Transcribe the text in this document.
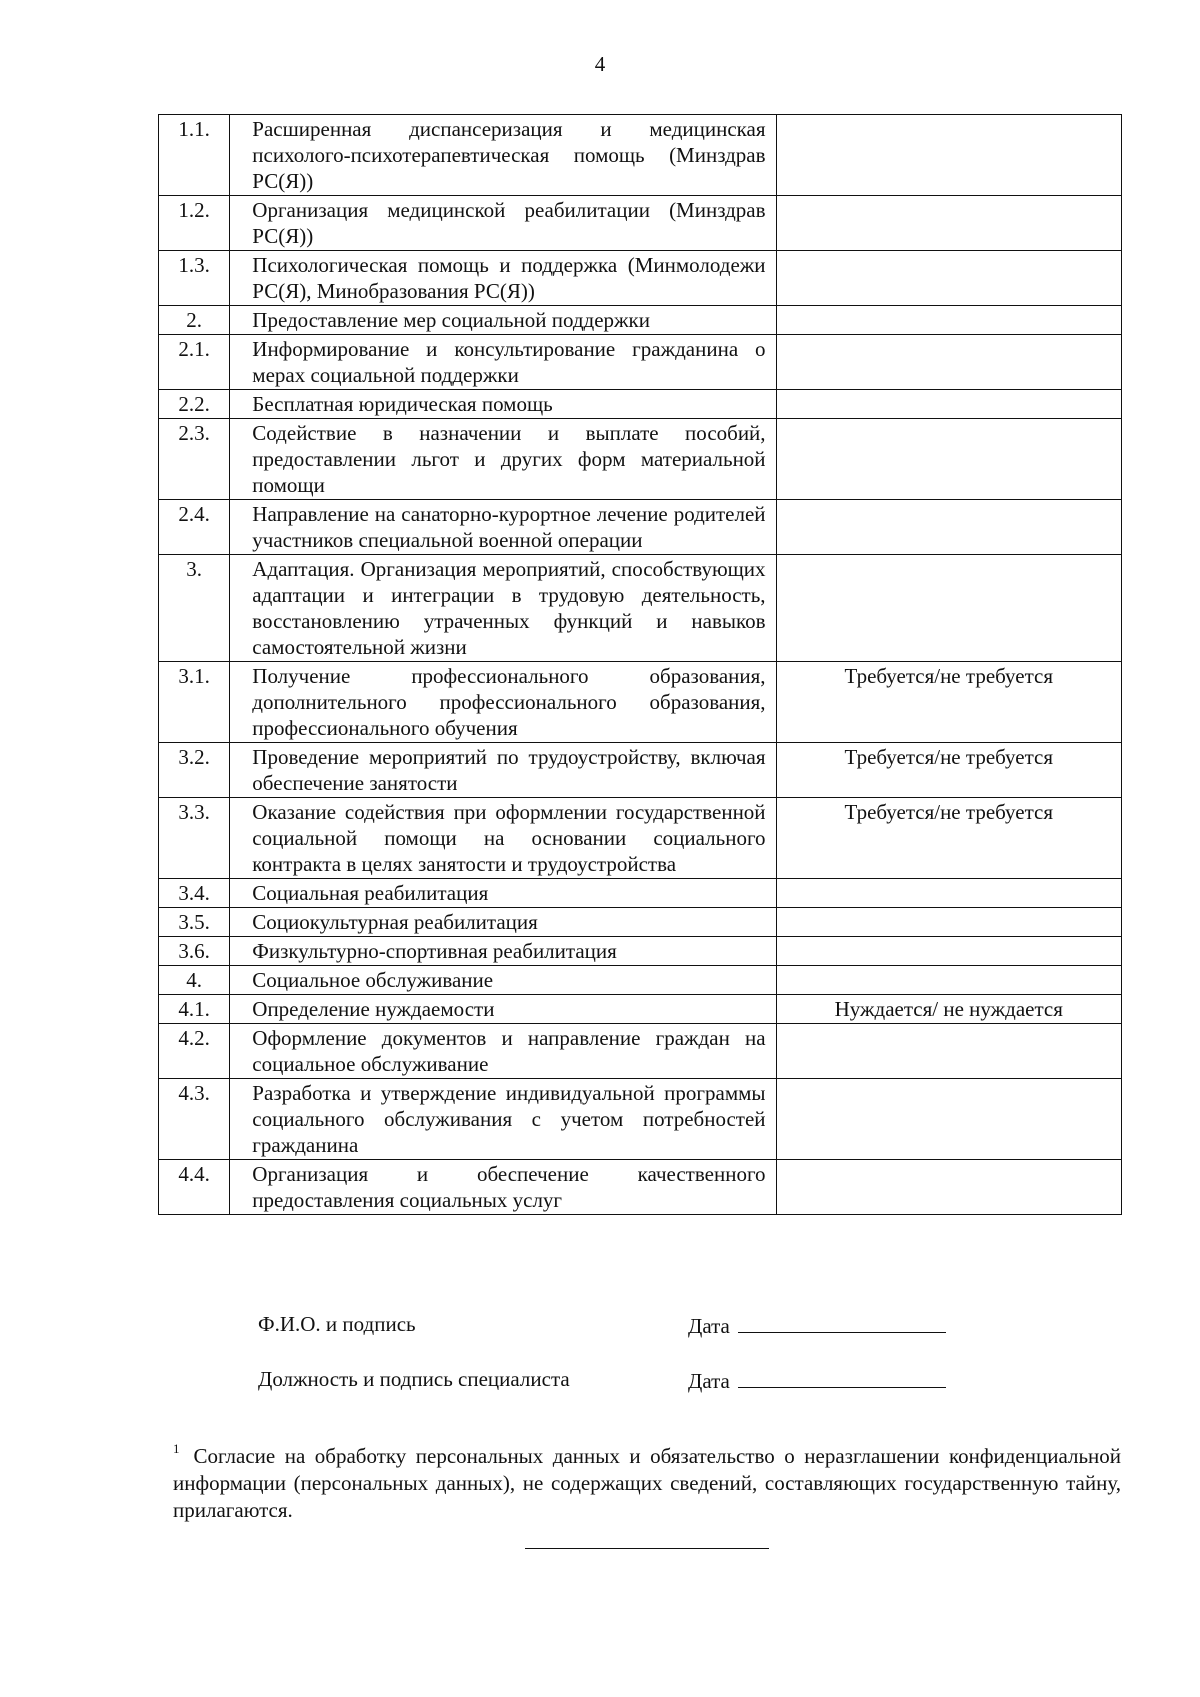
4
1.1.	Расширенная диспансеризация и медицинская психолого-психотерапевтическая помощь (Минздрав РС(Я))	
1.2.	Организация медицинской реабилитации (Минздрав РС(Я))	
1.3.	Психологическая помощь и поддержка (Минмолодежи РС(Я), Минобразования РС(Я))	
2.	Предоставление мер социальной поддержки	
2.1.	Информирование и консультирование гражданина о мерах социальной поддержки	
2.2.	Бесплатная юридическая помощь	
2.3.	Содействие в назначении и выплате пособий, предоставлении льгот и других форм материальной помощи	
2.4.	Направление на санаторно-курортное лечение родителей участников специальной военной операции	
3.	Адаптация. Организация мероприятий, способствующих адаптации и интеграции в трудовую деятельность, восстановлению утраченных функций и навыков самостоятельной жизни	
3.1.	Получение профессионального образования, дополнительного профессионального образования, профессионального обучения	Требуется/не требуется
3.2.	Проведение мероприятий по трудоустройству, включая обеспечение занятости	Требуется/не требуется
3.3.	Оказание содействия при оформлении государственной социальной помощи на основании социального контракта в целях занятости и трудоустройства	Требуется/не требуется
3.4.	Социальная реабилитация	
3.5.	Социокультурная реабилитация	
3.6.	Физкультурно-спортивная реабилитация	
4.	Социальное обслуживание	
4.1.	Определение нуждаемости	Нуждается/ не нуждается
4.2.	Оформление документов и направление граждан на социальное обслуживание	
4.3.	Разработка и утверждение индивидуальной программы социального обслуживания с учетом потребностей гражданина	
4.4.	Организация и обеспечение качественного предоставления социальных услуг	
Ф.И.О. и подпись	Дата
Должность и подпись специалиста	Дата
$^1$ Согласие на обработку персональных данных и обязательство о неразглашении конфиденциальной информации (персональных данных), не содержащих сведений, составляющих государственную тайну, прилагаются.
